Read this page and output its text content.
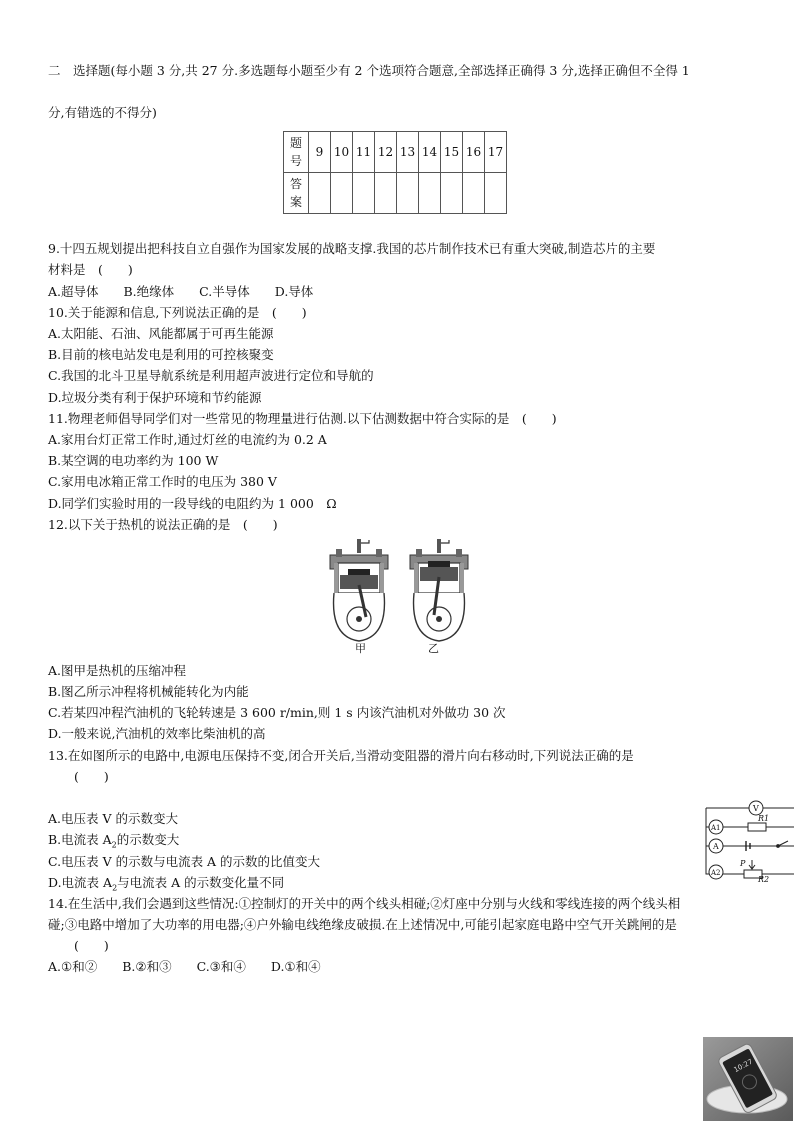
二　选择题(每小题 3 分,共 27 分.多选题每小题至少有 2 个选项符合题意,全部选择正确得 3 分,选择正确但不全得 1
分,有错选的不得分)
题
号	9	10	11	12	13	14	15	16	17
答
案									
9.十四五规划提出把科技自立自强作为国家发展的战略支撑.我国的芯片制作技术已有重大突破,制造芯片的主要
材料是　(　　)
A.超导体　　B.绝缘体　　C.半导体　　D.导体
10.关于能源和信息,下列说法正确的是　(　　)
A.太阳能、石油、风能都属于可再生能源
B.目前的核电站发电是利用的可控核聚变
C.我国的北斗卫星导航系统是利用超声波进行定位和导航的
D.垃圾分类有利于保护环境和节约能源
11.物理老师倡导同学们对一些常见的物理量进行估测.以下估测数据中符合实际的是　(　　)
A.家用台灯正常工作时,通过灯丝的电流约为 0.2 A
B.某空调的电功率约为 100 W
C.家用电冰箱正常工作时的电压为 380 V
D.同学们实验时用的一段导线的电阻约为 1 000　Ω
12.以下关于热机的说法正确的是　(　　)
甲	乙
A.图甲是热机的压缩冲程
B.图乙所示冲程将机械能转化为内能
C.若某四冲程汽油机的飞轮转速是 3 600 r/min,则 1 s 内该汽油机对外做功 30 次
D.一般来说,汽油机的效率比柴油机的高
13.在如图所示的电路中,电源电压保持不变,闭合开关后,当滑动变阻器的滑片向右移动时,下列说法正确的是
(　　)
A.电压表 V 的示数变大
B.电流表 $A_2$的示数变大
C.电压表 V 的示数与电流表 A 的示数的比值变大
D.电流表 $A_2$与电流表 A 的示数变化量不同
V
A1
A
A2
R1
R2
P
14.在生活中,我们会遇到这些情况:①控制灯的开关中的两个线头相碰;②灯座中分别与火线和零线连接的两个线头相
碰;③电路中增加了大功率的用电器;④户外输电线绝缘皮破损.在上述情况中,可能引起家庭电路中空气开关跳闸的是
(　　)
A.①和②　　B.②和③　　C.③和④　　D.①和④
10:27
